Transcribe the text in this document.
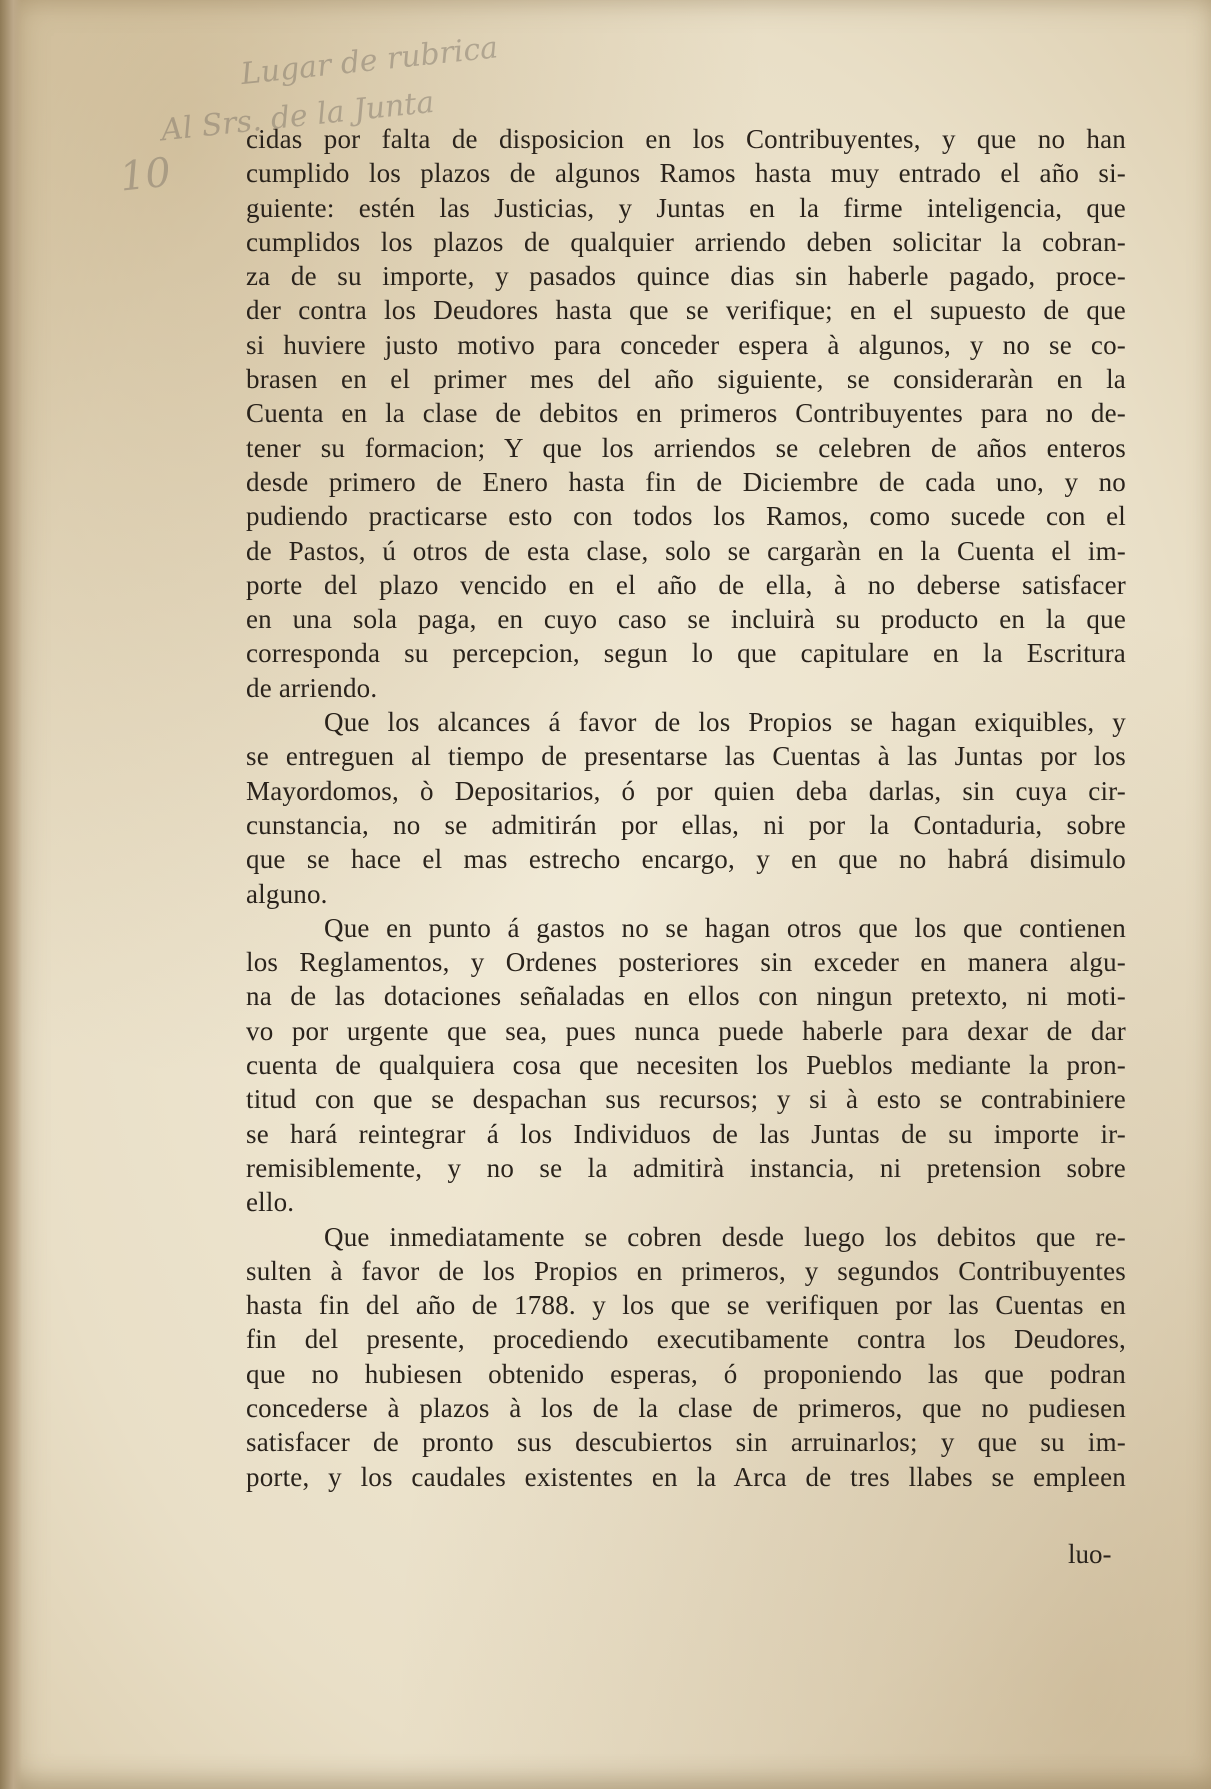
Lugar de rubrica
Al Srs. de la Junta
10
cidas por falta de disposicion en los Contribuyentes, y que no han
cumplido los plazos de algunos Ramos hasta muy entrado el año si-
guiente: estén las Justicias, y Juntas en la firme inteligencia, que
cumplidos los plazos de qualquier arriendo deben solicitar la cobran-
za de su importe, y pasados quince dias sin haberle pagado, proce-
der contra los Deudores hasta que se verifique; en el supuesto de que
si huviere justo motivo para conceder espera à algunos, y no se co-
brasen en el primer mes del año siguiente, se consideraràn en la
Cuenta en la clase de debitos en primeros Contribuyentes para no de-
tener su formacion; Y que los arriendos se celebren de años enteros
desde primero de Enero hasta fin de Diciembre de cada uno, y no
pudiendo practicarse esto con todos los Ramos, como sucede con el
de Pastos, ú otros de esta clase, solo se cargaràn en la Cuenta el im-
porte del plazo vencido en el año de ella, à no deberse satisfacer
en una sola paga, en cuyo caso se incluirà su producto en la que
corresponda su percepcion, segun lo que capitulare en la Escritura
de arriendo.
Que los alcances á favor de los Propios se hagan exiquibles, y
se entreguen al tiempo de presentarse las Cuentas à las Juntas por los
Mayordomos, ò Depositarios, ó por quien deba darlas, sin cuya cir-
cunstancia, no se admitirán por ellas, ni por la Contaduria, sobre
que se hace el mas estrecho encargo, y en que no habrá disimulo
alguno.
Que en punto á gastos no se hagan otros que los que contienen
los Reglamentos, y Ordenes posteriores sin exceder en manera algu-
na de las dotaciones señaladas en ellos con ningun pretexto, ni moti-
vo por urgente que sea, pues nunca puede haberle para dexar de dar
cuenta de qualquiera cosa que necesiten los Pueblos mediante la pron-
titud con que se despachan sus recursos; y si à esto se contrabiniere
se hará reintegrar á los Individuos de las Juntas de su importe ir-
remisiblemente, y no se la admitirà instancia, ni pretension sobre
ello.
Que inmediatamente se cobren desde luego los debitos que re-
sulten à favor de los Propios en primeros, y segundos Contribuyentes
hasta fin del año de 1788. y los que se verifiquen por las Cuentas en
fin del presente, procediendo executibamente contra los Deudores,
que no hubiesen obtenido esperas, ó proponiendo las que podran
concederse à plazos à los de la clase de primeros, que no pudiesen
satisfacer de pronto sus descubiertos sin arruinarlos; y que su im-
porte, y los caudales existentes en la Arca de tres llabes se empleen
luo-
